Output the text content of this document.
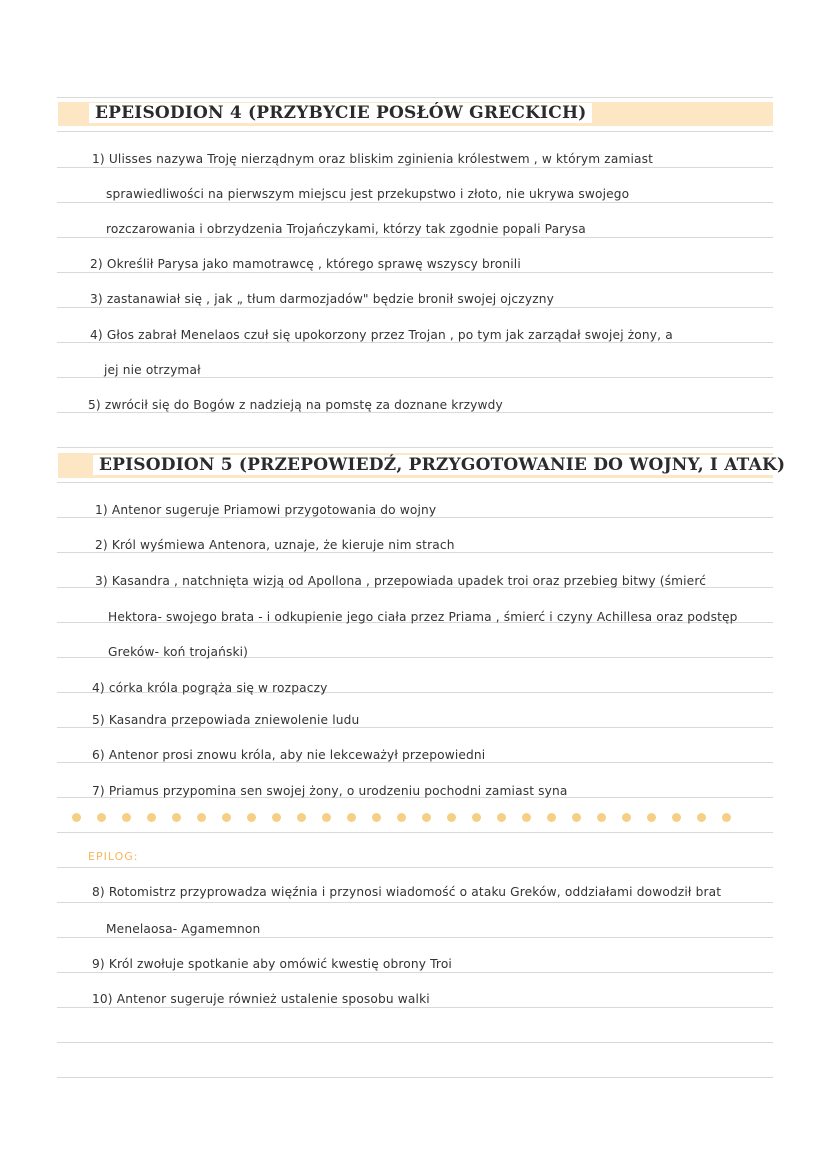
EPEISODION 4 (PRZYBYCIE POSŁÓW GRECKICH)
1) Ulisses nazywa Troję nierządnym oraz bliskim zginienia królestwem , w którym zamiast
sprawiedliwości na pierwszym miejscu jest przekupstwo i złoto, nie ukrywa swojego
rozczarowania i obrzydzenia Trojańczykami, którzy tak zgodnie popali Parysa
2) Określił Parysa jako mamotrawcę , którego sprawę wszyscy bronili
3) zastanawiał się , jak „ tłum darmozjadów" będzie bronił swojej ojczyzny
4) Głos zabrał Menelaos czuł się upokorzony przez Trojan , po tym jak zarządał swojej żony, a
jej nie otrzymał
5) zwrócił się do Bogów z nadzieją na pomstę za doznane krzywdy
EPISODION 5 (PRZEPOWIEDŹ, PRZYGOTOWANIE DO WOJNY, I ATAK)
1) Antenor sugeruje Priamowi przygotowania do wojny
2) Król wyśmiewa Antenora, uznaje, że kieruje nim strach
3) Kasandra , natchnięta wizją od Apollona , przepowiada upadek troi oraz przebieg bitwy (śmierć
Hektora- swojego brata - i odkupienie jego ciała przez Priama , śmierć i czyny Achillesa oraz podstęp
Greków- koń trojański)
4) córka króla pogrąża się w rozpaczy
5) Kasandra przepowiada zniewolenie ludu
6) Antenor prosi znowu króla, aby nie lekceważył przepowiedni
7) Priamus przypomina sen swojej żony, o urodzeniu pochodni zamiast syna
EPILOG:
8) Rotomistrz przyprowadza więźnia i przynosi wiadomość o ataku Greków, oddziałami dowodził brat
Menelaosa- Agamemnon
9) Król zwołuje spotkanie aby omówić kwestię obrony Troi
10) Antenor sugeruje również ustalenie sposobu walki
